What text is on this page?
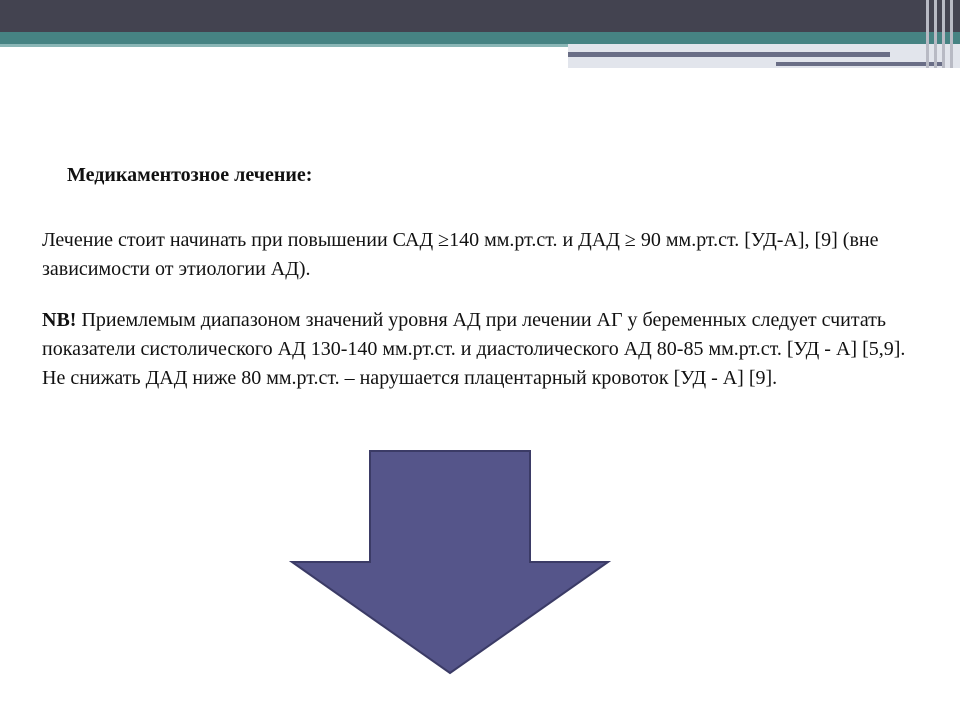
Медикаментозное лечение:

Лечение стоит начинать при повышении САД ≥140 мм.рт.ст. и ДАД ≥ 90 мм.рт.ст. [УД-А], [9] (вне зависимости от этиологии АД).

NB! Приемлемым диапазоном значений уровня АД при лечении АГ у беременных следует считать показатели систолического АД 130-140 мм.рт.ст. и диастолического АД 80-85 мм.рт.ст. [УД - А] [5,9]. Не снижать ДАД ниже 80 мм.рт.ст. – нарушается плацентарный кровоток [УД - А] [9].
